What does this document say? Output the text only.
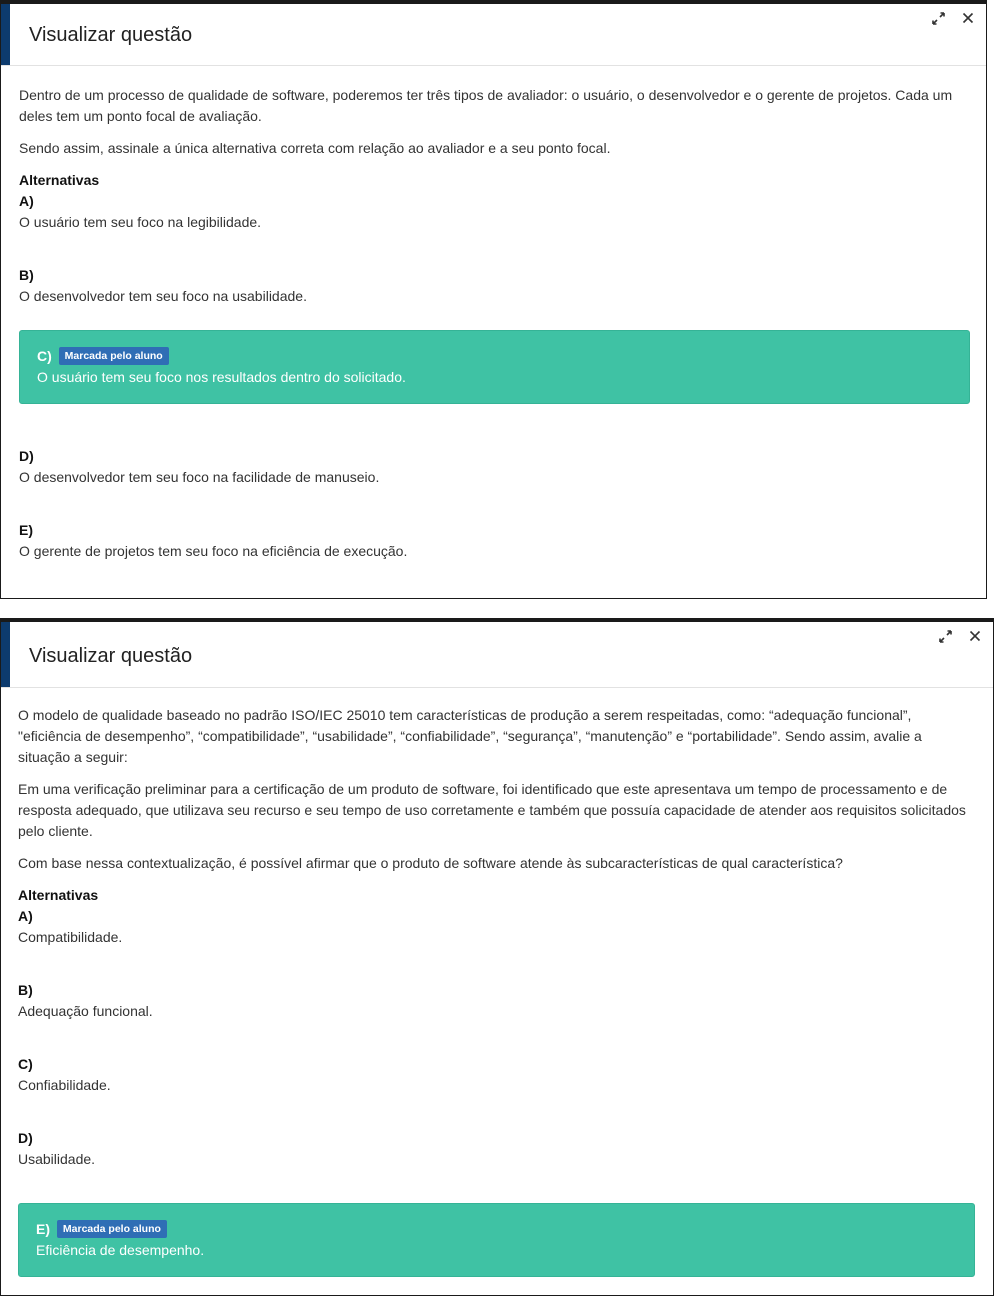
Visualizar questão

Dentro de um processo de qualidade de software, poderemos ter três tipos de avaliador: o usuário, o desenvolvedor e o gerente de projetos. Cada um deles tem um ponto focal de avaliação.

Sendo assim, assinale a única alternativa correta com relação ao avaliador e a seu ponto focal.

Alternativas

A)
O usuário tem seu foco na legibilidade.
B)
O desenvolvedor tem seu foco na usabilidade.
C) Marcada pelo aluno
O usuário tem seu foco nos resultados dentro do solicitado.
D)
O desenvolvedor tem seu foco na facilidade de manuseio.
E)
O gerente de projetos tem seu foco na eficiência de execução.
Visualizar questão

O modelo de qualidade baseado no padrão ISO/IEC 25010 tem características de produção a serem respeitadas, como: “adequação funcional”, "eficiência de desempenho”, “compatibilidade”, “usabilidade”, “confiabilidade”, “segurança”, “manutenção” e “portabilidade”. Sendo assim, avalie a situação a seguir:

Em uma verificação preliminar para a certificação de um produto de software, foi identificado que este apresentava um tempo de processamento e de resposta adequado, que utilizava seu recurso e seu tempo de uso corretamente e também que possuía capacidade de atender aos requisitos solicitados pelo cliente.

Com base nessa contextualização, é possível afirmar que o produto de software atende às subcaracterísticas de qual característica?

Alternativas

A)
Compatibilidade.
B)
Adequação funcional.
C)
Confiabilidade.
D)
Usabilidade.
E) Marcada pelo aluno
Eficiência de desempenho.
